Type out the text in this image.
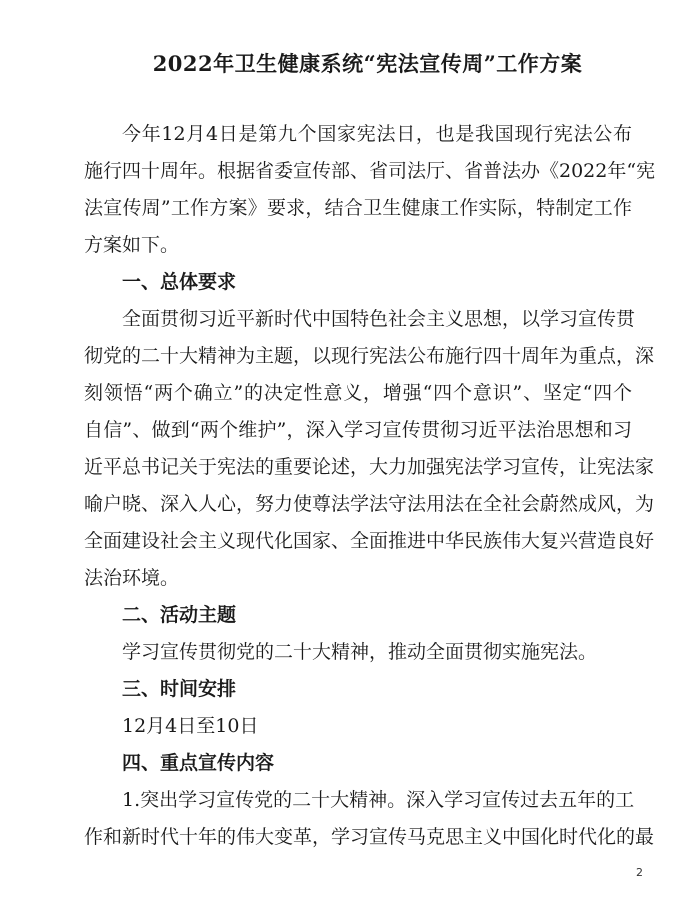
2022年卫生健康系统“宪法宣传周”工作方案

今年12月4日是第九个国家宪法日，也是我国现行宪法公布

施行四十周年。根据省委宣传部、省司法厅、省普法办《2022年“宪

法宣传周”工作方案》要求，结合卫生健康工作实际，特制定工作

方案如下。

一、总体要求

全面贯彻习近平新时代中国特色社会主义思想，以学习宣传贯

彻党的二十大精神为主题，以现行宪法公布施行四十周年为重点，深

刻领悟“两个确立”的决定性意义，增强“四个意识”、坚定“四个

自信”、做到“两个维护”，深入学习宣传贯彻习近平法治思想和习

近平总书记关于宪法的重要论述，大力加强宪法学习宣传，让宪法家

喻户晓、深入人心，努力使尊法学法守法用法在全社会蔚然成风，为

全面建设社会主义现代化国家、全面推进中华民族伟大复兴营造良好

法治环境。

二、活动主题

学习宣传贯彻党的二十大精神，推动全面贯彻实施宪法。

三、时间安排

12月4日至10日

四、重点宣传内容

1.突出学习宣传党的二十大精神。深入学习宣传过去五年的工

作和新时代十年的伟大变革，学习宣传马克思主义中国化时代化的最

2
